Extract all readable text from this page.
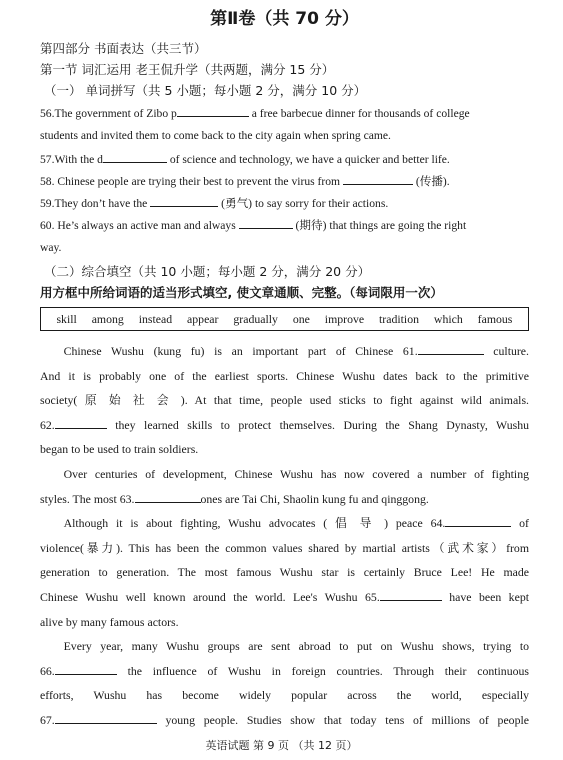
第Ⅱ卷（共 70 分）
第四部分 书面表达（共三节）
第一节 词汇运用 老王侃升学（共两题，满分 15 分）
（一） 单词拼写（共 5 小题；每小题 2 分，满分 10 分）
56.The government of Zibo p	a free barbecue dinner for thousands of college
students and invited them to come back to the city again when spring came.
57.With the d	of science and technology, we have a quicker and better life.
58. Chinese people are trying their best to prevent the virus from	(传播).
59.They don’t have the	(勇气) to say sorry for their actions.
60. He’s always an active man and always	(期待) that things are going the right
way.
（二）综合填空（共 10 小题；每小题 2 分，满分 20 分）
用方框中所给词语的适当形式填空, 使文章通顺、完整。（每词限用一次）
skill among instead appear gradually one improve tradition which famous
Chinese Wushu (kung fu) is an important part of Chinese 61.	culture.
And it is probably one of the earliest sports. Chinese Wushu dates back to the primitive
society( 原 始 社 会 ). At that time, people used sticks to fight against wild animals.
62.	they learned skills to protect themselves. During the Shang Dynasty, Wushu
began to be used to train soldiers.
Over centuries of development, Chinese Wushu has now covered a number of fighting
styles. The most 63.	ones are Tai Chi, Shaolin kung fu and qinggong.
Although it is about fighting, Wushu advocates ( 倡 导 ) peace 64.	of
violence(暴力). This has been the common values shared by martial artists（武术家）from
generation to generation. The most famous Wushu star is certainly Bruce Lee! He made
Chinese Wushu well known around the world. Lee's Wushu 65.	have been kept
alive by many famous actors.
Every year, many Wushu groups are sent abroad to put on Wushu shows, trying to
66.	the influence of Wushu in foreign countries. Through their continuous
efforts, Wushu has become widely popular across the world, especially
67.	young people. Studies show that today tens of millions of people
英语试题 第 9 页 （共 12 页）
